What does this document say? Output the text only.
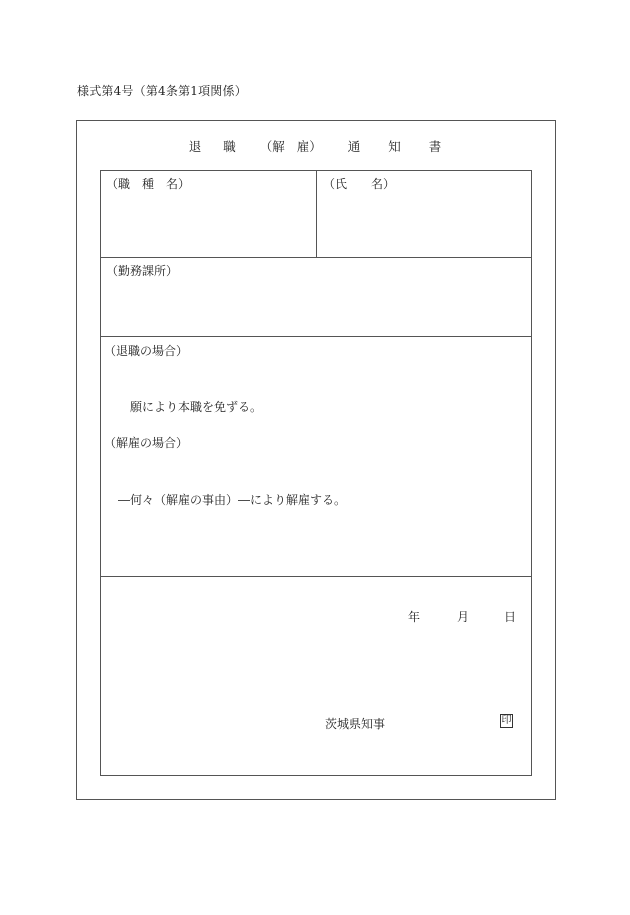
様式第4号（第4条第1項関係）
退 職 （解 雇） 通 知 書
（職　種　名）	（氏　　名）
（勤務課所）
（退職の場合）
願により本職を免ずる。
（解雇の場合）
―何々（解雇の事由）―により解雇する。
年	月	日
茨城県知事	印
